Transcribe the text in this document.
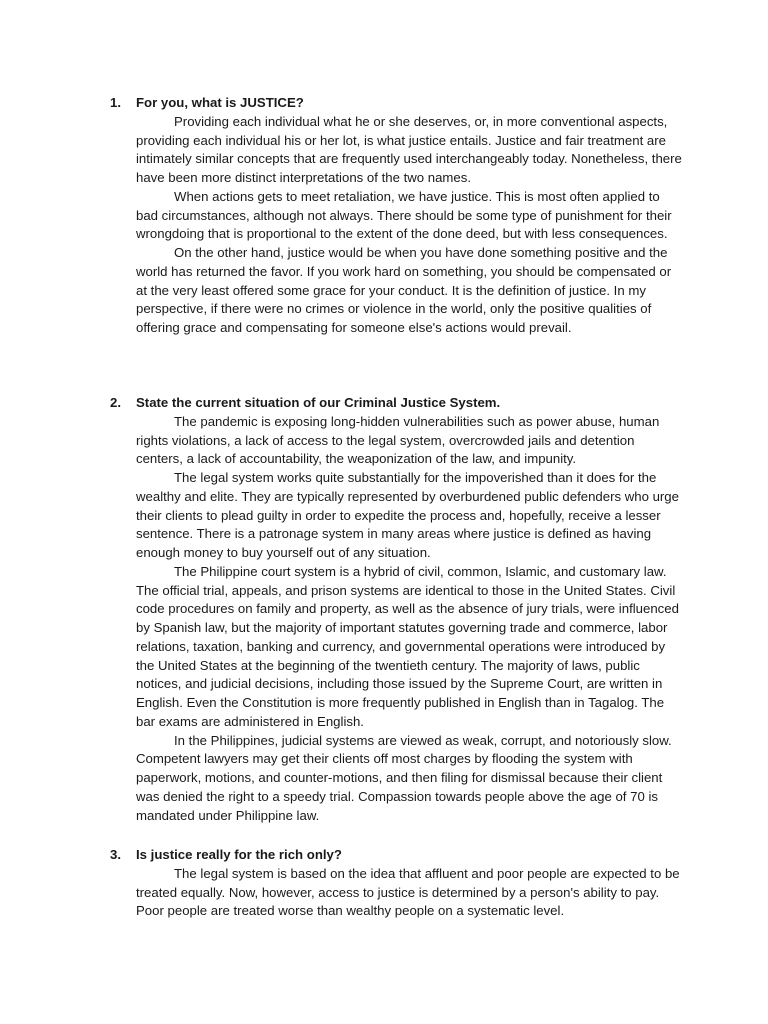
1. For you, what is JUSTICE?

Providing each individual what he or she deserves, or, in more conventional aspects, providing each individual his or her lot, is what justice entails. Justice and fair treatment are intimately similar concepts that are frequently used interchangeably today. Nonetheless, there have been more distinct interpretations of the two names.

When actions gets to meet retaliation, we have justice. This is most often applied to bad circumstances, although not always. There should be some type of punishment for their wrongdoing that is proportional to the extent of the done deed, but with less consequences.

On the other hand, justice would be when you have done something positive and the world has returned the favor. If you work hard on something, you should be compensated or at the very least offered some grace for your conduct. It is the definition of justice. In my perspective, if there were no crimes or violence in the world, only the positive qualities of offering grace and compensating for someone else's actions would prevail.

2. State the current situation of our Criminal Justice System.

The pandemic is exposing long-hidden vulnerabilities such as power abuse, human rights violations, a lack of access to the legal system, overcrowded jails and detention centers, a lack of accountability, the weaponization of the law, and impunity.

The legal system works quite substantially for the impoverished than it does for the wealthy and elite. They are typically represented by overburdened public defenders who urge their clients to plead guilty in order to expedite the process and, hopefully, receive a lesser sentence. There is a patronage system in many areas where justice is defined as having enough money to buy yourself out of any situation.

The Philippine court system is a hybrid of civil, common, Islamic, and customary law. The official trial, appeals, and prison systems are identical to those in the United States. Civil code procedures on family and property, as well as the absence of jury trials, were influenced by Spanish law, but the majority of important statutes governing trade and commerce, labor relations, taxation, banking and currency, and governmental operations were introduced by the United States at the beginning of the twentieth century. The majority of laws, public notices, and judicial decisions, including those issued by the Supreme Court, are written in English. Even the Constitution is more frequently published in English than in Tagalog. The bar exams are administered in English.

In the Philippines, judicial systems are viewed as weak, corrupt, and notoriously slow. Competent lawyers may get their clients off most charges by flooding the system with paperwork, motions, and counter-motions, and then filing for dismissal because their client was denied the right to a speedy trial. Compassion towards people above the age of 70 is mandated under Philippine law.

3. Is justice really for the rich only?

The legal system is based on the idea that affluent and poor people are expected to be treated equally. Now, however, access to justice is determined by a person's ability to pay. Poor people are treated worse than wealthy people on a systematic level.
